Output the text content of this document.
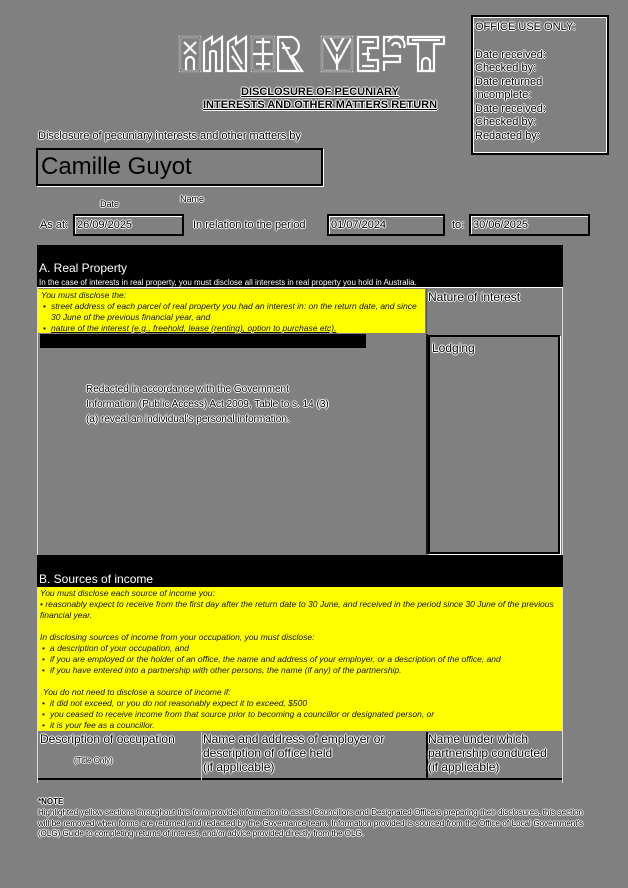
DISCLOSURE OF PECUNIARY
INTERESTS AND OTHER MATTERS RETURN
OFFICE USE ONLY:
Date received:
Checked by:
Date returned
incomplete:
Date received:
Checked by:
Redacted by:
Disclosure of pecuniary interests and other matters by
Camille Guyot
Date	Name
As at: 26/09/2025	In relation to the period	01/07/2024	to: 30/06/2025
A. Real Property
In the case of interests in real property, you must disclose all interests in real property you hold in Australia.
You must disclose the:
• street address of each parcel of real property you had an interest in: on the return date, and since 30 June of the previous financial year, and
• nature of the interest (e.g., freehold, lease (renting), option to purchase etc).
Nature of interest
Redacted in accordance with the Government Information (Public Access) Act 2009, Table to s. 14 (3) (a) reveal an individual's personal information.
Lodging
B. Sources of income
You must disclose each source of income you:
• reasonably expect to receive from the first day after the return date to 30 June, and received in the period since 30 June of the previous financial year.
In disclosing sources of income from your occupation, you must disclose:
• a description of your occupation, and
• if you are employed or the holder of an office, the name and address of your employer, or a description of the office, and
• if you have entered into a partnership with other persons, the name (if any) of the partnership.
You do not need to disclose a source of income if:
• it did not exceed, or you do not reasonably expect it to exceed, $500
• you ceased to receive income from that source prior to becoming a councillor or designated person, or
• it is your fee as a councillor.
Description of occupation
(Title Only)
Name and address of employer or
description of office held
(if applicable)
Name under which
partnership conducted
(if applicable)
*NOTE
Highlighted yellow sections throughout this form provide information to assist Councillors and Designated Officers preparing their disclosures, this section will be removed when forms are returned and redacted by the Governance team. Information provided is sourced from the Office of Local Government's (OLG) Guide to completing returns of interest, and/or advice provided directly from the OLG.
